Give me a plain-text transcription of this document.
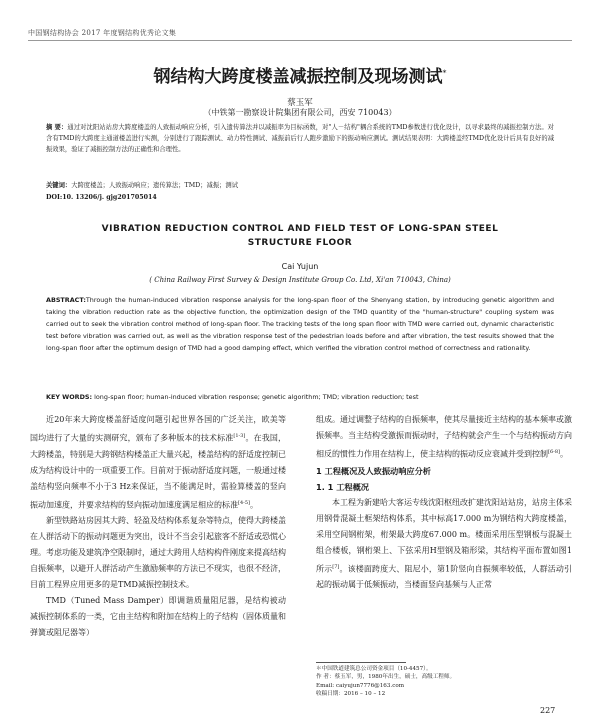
中国钢结构协会 2017 年度钢结构优秀论文集
钢结构大跨度楼盖减振控制及现场测试*
蔡玉军
（中铁第一勘察设计院集团有限公司，西安 710043）
摘 要：通过对沈阳站站房大跨度楼盖的人致振动响应分析，引入遗传算法并以减振率为目标函数，对"人－结构"耦合系统的TMD参数进行优化设计，以寻求最终的减振控制方法。对含有TMD的大跨度主通道楼盖进行实测，分别进行了跟踪测试、动力特性测试、减振前后行人跑步激励下的振动响应测试。测试结果表明：大跨楼盖经TMD优化设计后具有良好的减振效果，验证了减振控制方法的正确性和合理性。
关键词：大跨度楼盖；人致振动响应；遗传算法；TMD；减振；测试
DOI:10. 13206/j. gjg201705014
VIBRATION REDUCTION CONTROL AND FIELD TEST OF LONG-SPAN STEEL
STRUCTURE FLOOR
Cai Yujun
( China Railway First Survey & Design Institute Group Co. Ltd, Xi'an 710043, China)
ABSTRACT:Through the human-induced vibration response analysis for the long-span floor of the Shenyang station, by introducing genetic algorithm and taking the vibration reduction rate as the objective function, the optimization design of the TMD quantity of the "human-structure" coupling system was carried out to seek the vibration control method of long-span floor. The tracking tests of the long span floor with TMD were carried out, dynamic characteristic test before vibration was carried out, as well as the vibration response test of the pedestrian loads before and after vibration, the test results showed that the long-span floor after the optimum design of TMD had a good damping effect, which verified the vibration control method of correctness and rationality.
KEY WORDS: long-span floor; human-induced vibration response; genetic algorithm; TMD; vibration reduction; test

近20年来大跨度楼盖舒适度问题引起世界各国的广泛关注，欧美等国均进行了大量的实测研究，颁布了多种版本的技术标准[1-3]。在我国，大跨楼盖，特别是大跨钢结构楼盖正大量兴起，楼盖结构的舒适度控制已成为结构设计中的一项重要工作。目前对于振动舒适度问题，一般通过楼盖结构竖向频率不小于3 Hz来保证，当不能满足时，需验算楼盖的竖向振动加速度，并要求结构的竖向振动加速度满足相应的标准[4-5]。

新型铁路站房因其大跨、轻盈及结构体系复杂等特点，使得大跨楼盖在人群活动下的振动问题更为突出，设计不当会引起旅客不舒适或恐慌心理。考虑功能及建筑净空限制时，通过大跨用人结构构件刚度来提高结构自振频率，以避开人群活动产生激励频率的方法已不现实，也很不经济，目前工程界应用更多的是TMD减振控制技术。

TMD（Tuned Mass Damper）即调谐质量阻尼器，是结构被动减振控制体系的一类，它由主结构和附加在结构上的子结构（固体质量和弹簧或阻尼器等）

组成。通过调整子结构的自振频率，使其尽量接近主结构的基本频率或激振频率。当主结构受激振而振动时，子结构就会产生一个与结构振动方向相反的惯性力作用在结构上，使主结构的振动反应衰减并受到控制[6-8]。

1 工程概况及人致振动响应分析

1. 1 工程概况

本工程为新建哈大客运专线沈阳枢纽改扩建沈阳站站房，站房主体采用钢骨混凝土框架结构体系，其中标高17.000 m为钢结构大跨度楼盖，采用空间钢桁架，桁架最大跨度67.000 m。楼面采用压型钢板与混凝土组合楼板，钢桁架上、下弦采用H型钢及箱形梁，其结构平面布置如图1所示[7]。该楼面跨度大、阻尼小，第1阶竖向自振频率较低，人群活动引起的振动属于低频振动，当楼面竖向基频与人正常

＊中国铁道建筑总公司资金项目（10-4457）。
作 者：蔡玉军，男，1980年出生，硕士，高级工程师。
Email: caiyujun7776@163.com
收稿日期：2016 – 10 – 12
227
